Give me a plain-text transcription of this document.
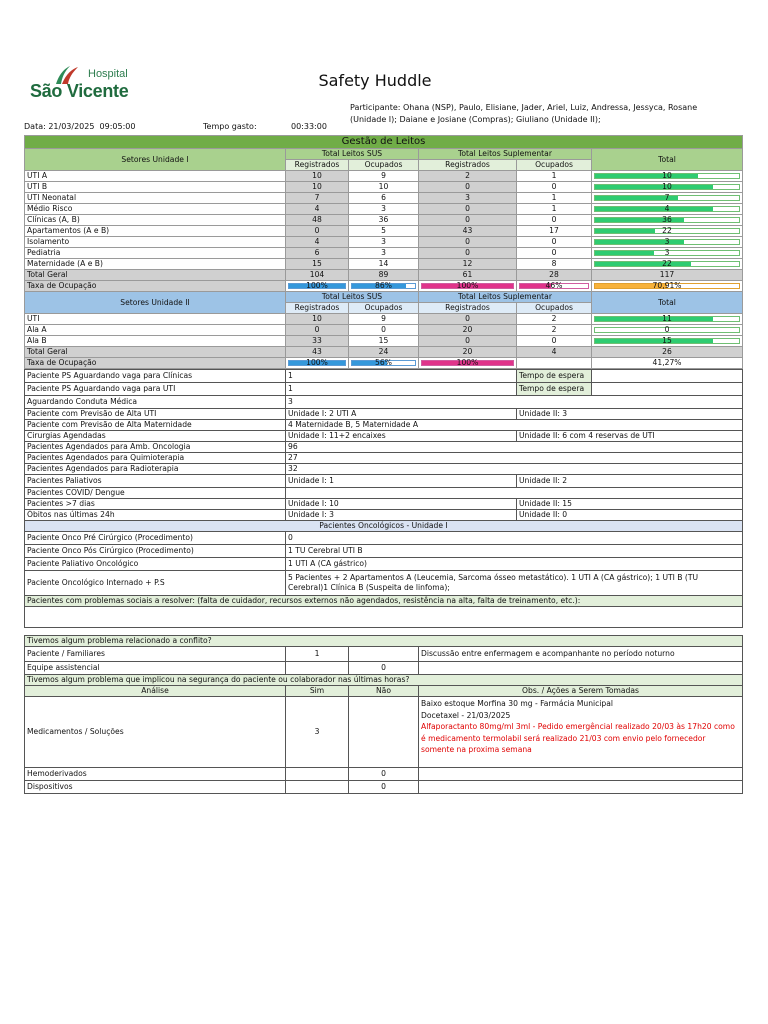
Hospital
São Vicente
Safety Huddle
Participante: Ohana (NSP), Paulo, Elisiane, Jader, Ariel, Luiz, Andressa, Jessyca, Rosane (Unidade I); Daiane e Josiane (Compras); Giuliano (Unidade II);
Data: 21/03/2025 09:05:00	Tempo gasto:	00:33:00
Gestão de Leitos					
Setores Unidade I	Total Leitos SUS		Total Leitos Suplementar		Total
	Registrados	Ocupados	Registrados	Ocupados	
UTI A	10	9	2	1	10

UTI B	10	10	0	0	10

UTI Neonatal	7	6	3	1	7

Médio Risco	4	3	0	1	4

Clínicas (A, B)	48	36	0	0	36

Apartamentos (A e B)	0	5	43	17	22

Isolamento	4	3	0	0	3

Pediatria	6	3	0	0	3

Maternidade (A e B)	15	14	12	8	22

Total Geral	104	89	61	28	117
Taxa de Ocupação	100%	86%	100%	46%	70,91%

Setores Unidade II	Total Leitos SUS		Total Leitos Suplementar		Total
	Registrados	Ocupados	Registrados	Ocupados	
UTI	10	9	0	2	11

Ala A	0	0	20	2	0

Ala B	33	15	0	0	15

Total Geral	43	24	20	4	26
Taxa de Ocupação	100%	56%	100%		41,27%
Paciente PS Aguardando vaga para Clínicas	1	Tempo de espera	
Paciente PS Aguardando vaga para UTI	1	Tempo de espera	
Aguardando Conduta Médica	3		
Paciente com Previsão de Alta UTI	Unidade I: 2 UTI A	Unidade II: 3	
Paciente com Previsão de Alta Maternidade	4 Maternidade B, 5 Maternidade A		
Cirurgias Agendadas	Unidade I: 11+2 encaixes	Unidade II: 6 com 4 reservas de UTI	
Pacientes Agendados para Amb. Oncologia	96		
Pacientes Agendados para Quimioterapia	27		
Pacientes Agendados para Radioterapia	32		
Pacientes Paliativos	Unidade I: 1	Unidade II: 2	
Pacientes COVID/ Dengue			
Pacientes >7 dias	Unidade I: 10	Unidade II: 15	
Óbitos nas últimas 24h	Unidade I: 3	Unidade II: 0	
Pacientes Oncológicos - Unidade I			
Paciente Onco Pré Cirúrgico (Procedimento)	0		
Paciente Onco Pós Cirúrgico (Procedimento)	1 TU Cerebral UTI B		
Paciente Paliativo Oncológico	1 UTI A (CA gástrico)		
Paciente Oncológico Internado + P.S	5 Pacientes + 2 Apartamentos A (Leucemia, Sarcoma ósseo metastático). 1 UTI A (CA gástrico); 1 UTI B (TU Cerebral)1 Clínica B (Suspeita de linfoma);		
Pacientes com problemas sociais a resolver: (falta de cuidador, recursos externos não agendados, resistência na alta, falta de treinamento, etc.):			

Tivemos algum problema relacionado a conflito?			
Paciente / Familiares	1		Discussão entre enfermagem e acompanhante no período noturno
Equipe assistencial		0	
Tivemos algum problema que implicou na segurança do paciente ou colaborador nas últimas horas?			
Análise	Sim	Não	Obs. / Ações a Serem Tomadas
Medicamentos / Soluções	3		Baixo estoque Morfina 30 mg - Farmácia Municipal
Docetaxel - 21/03/2025
Alfaporactanto 80mg/ml 3ml - Pedido emergêncial realizado 20/03 às 17h20 como é medicamento termolabil será realizado 21/03 com envio pelo fornecedor somente na proxima semana

Hemoderivados		0	
Dispositivos		0	
